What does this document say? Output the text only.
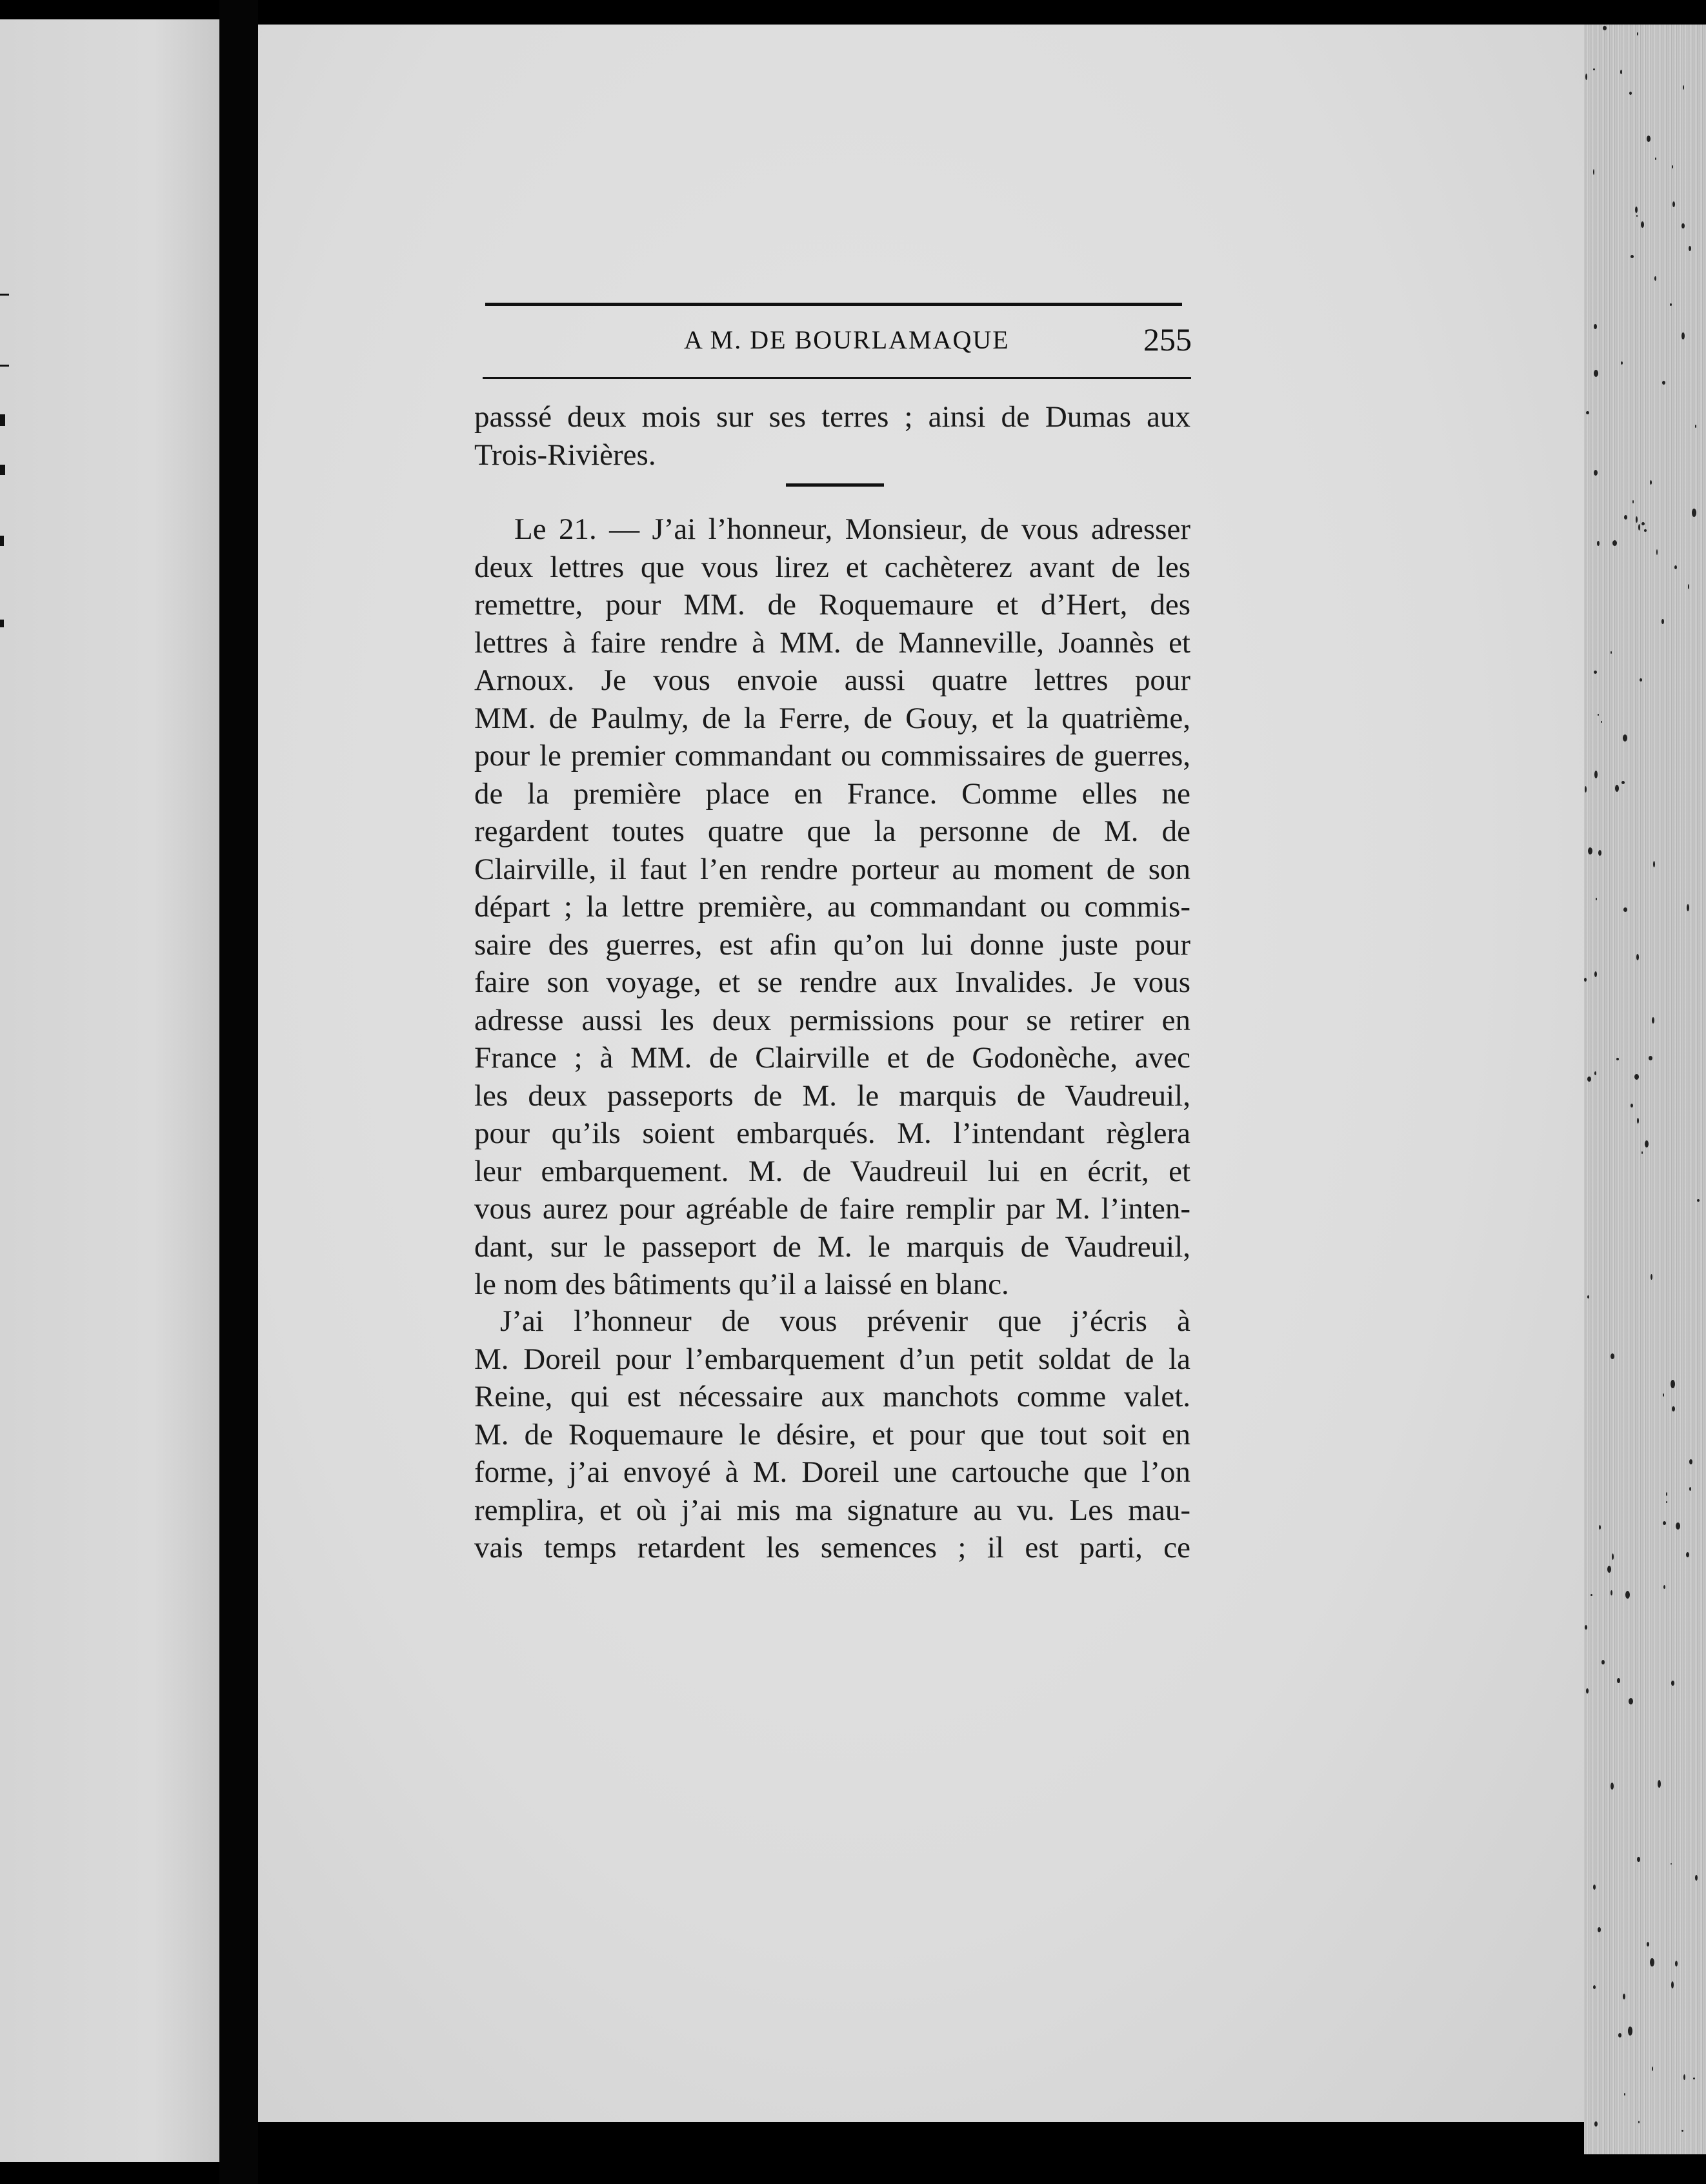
A M. DE BOURLAMAQUE	255
passsé deux mois sur ses terres ; ainsi de Dumas aux
Trois-Rivières.
Le 21. — J’ai l’honneur, Monsieur, de vous adresser
deux lettres que vous lirez et cachèterez avant de les
remettre, pour MM. de Roquemaure et d’Hert, des
lettres à faire rendre à MM. de Manneville, Joannès et
Arnoux. Je vous envoie aussi quatre lettres pour
MM. de Paulmy, de la Ferre, de Gouy, et la quatrième,
pour le premier commandant ou commissaires de guerres,
de la première place en France. Comme elles ne
regardent toutes quatre que la personne de M. de
Clairville, il faut l’en rendre porteur au moment de son
départ ; la lettre première, au commandant ou commis-
saire des guerres, est afin qu’on lui donne juste pour
faire son voyage, et se rendre aux Invalides. Je vous
adresse aussi les deux permissions pour se retirer en
France ; à MM. de Clairville et de Godonèche, avec
les deux passeports de M. le marquis de Vaudreuil,
pour qu’ils soient embarqués. M. l’intendant règlera
leur embarquement. M. de Vaudreuil lui en écrit, et
vous aurez pour agréable de faire remplir par M. l’inten-
dant, sur le passeport de M. le marquis de Vaudreuil,
le nom des bâtiments qu’il a laissé en blanc.
J’ai l’honneur de vous prévenir que j’écris à
M. Doreil pour l’embarquement d’un petit soldat de la
Reine, qui est nécessaire aux manchots comme valet.
M. de Roquemaure le désire, et pour que tout soit en
forme, j’ai envoyé à M. Doreil une cartouche que l’on
remplira, et où j’ai mis ma signature au vu. Les mau-
vais temps retardent les semences ; il est parti, ce
